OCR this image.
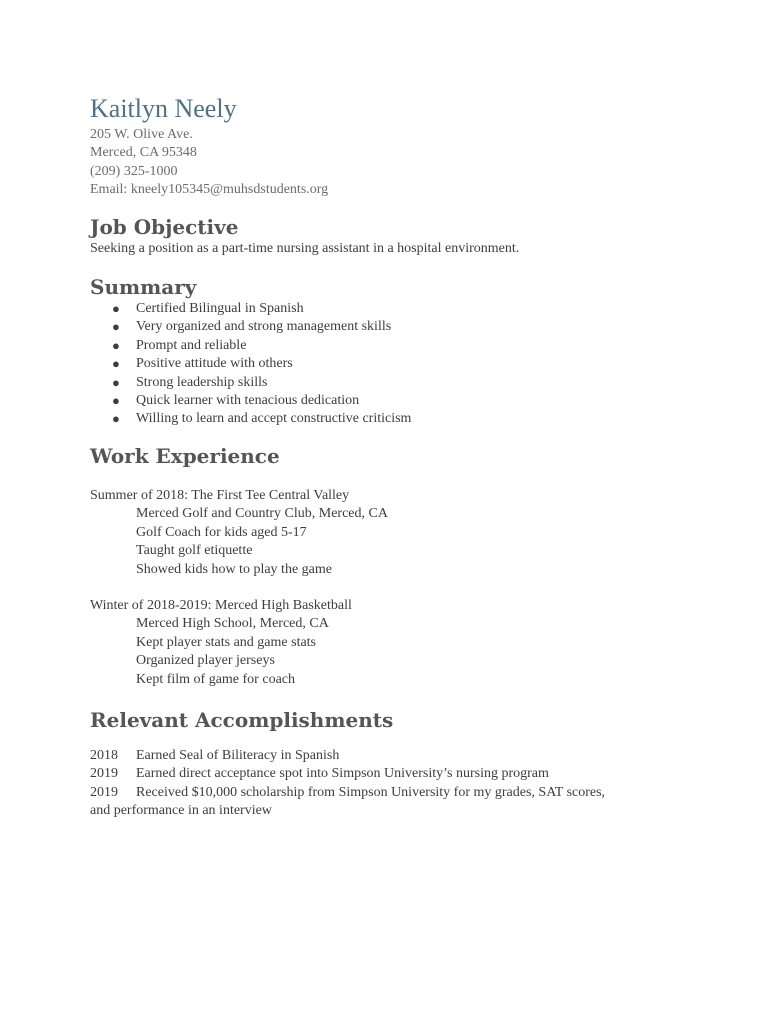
Kaitlyn Neely
205 W. Olive Ave.
Merced, CA 95348
(209) 325-1000
Email: kneely105345@muhsdstudents.org
Job Objective
Seeking a position as a part-time nursing assistant in a hospital environment.
Summary
● Certified Bilingual in Spanish
● Very organized and strong management skills
● Prompt and reliable
● Positive attitude with others
● Strong leadership skills
● Quick learner with tenacious dedication
● Willing to learn and accept constructive criticism
Work Experience
Summer of 2018: The First Tee Central Valley
Merced Golf and Country Club, Merced, CA
Golf Coach for kids aged 5-17
Taught golf etiquette
Showed kids how to play the game
Winter of 2018-2019: Merced High Basketball
Merced High School, Merced, CA
Kept player stats and game stats
Organized player jerseys
Kept film of game for coach
Relevant Accomplishments
2018 Earned Seal of Biliteracy in Spanish
2019 Earned direct acceptance spot into Simpson University’s nursing program
2019 Received $10,000 scholarship from Simpson University for my grades, SAT scores,
and performance in an interview
